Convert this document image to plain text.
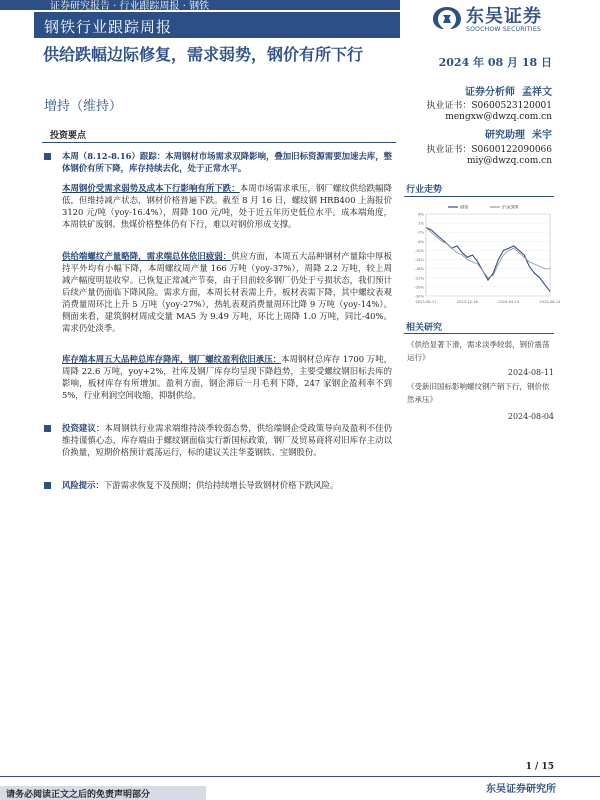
证券研究报告 · 行业跟踪周报 · 钢铁
钢铁行业跟踪周报	东吴证券
SOOCHOW SECURITIES
供给跌幅边际修复，需求弱势，钢价有所下行	2024 年 08 月 18 日
增持（维持）
证券分析师 孟祥文
执业证书：S0600523120001
mengxw@dwzq.com.cn
研究助理 米宇
执业证书：S0600122090066
miy@dwzq.com.cn
投资要点
本周（8.12-8.16）跟踪：本周钢材市场需求双降影响，叠加旧标资源需要加速去库，整体钢价有所下降，库存持续去化，处于正常水平。
本周钢价受需求弱势及成本下行影响有所下跌：本周市场需求承压，钢厂螺纹供给跌幅降低，但维持减产状态，钢材价格普遍下跌。截至 8 月 16 日，螺纹钢 HRB400 上海报价 3120 元/吨（yoy-16.4%），周降 100 元/吨，处于近五年历史低位水平。成本端角度，本周铁矿废钢、焦煤价格整体仍有下行，难以对钢价形成支撑。
供给端螺纹产量略降，需求端总体依旧疲弱：供应方面，本周五大品种钢材产量除中厚板持平外均有小幅下降，本周螺纹周产量 166 万吨（yoy-37%），周降 2.2 万吨，较上周减产幅度明显收窄。已恢复正常减产节奏，由于目前较多钢厂仍处于亏损状态，我们预计后续产量仍面临下降风险。需求方面，本周长材表需上升，板材表需下降，其中螺纹表观消费量周环比上升 5 万吨（yoy-27%），热轧表观消费量周环比降 9 万吨（yoy-14%）。侧面来看，建筑钢材周成交量 MA5 为 9.49 万吨，环比上周降 1.0 万吨，同比-40%。需求仍处淡季。
库存端本周五大品种总库存降库，钢厂螺纹盈利依旧承压：本周钢材总库存 1700 万吨，周降 22.6 万吨，yoy+2%，社库及钢厂库存均呈现下降趋势，主要受螺纹钢旧标去库的影响，板材库存有所增加。盈利方面，钢企滞后一月毛利下降，247 家钢企盈利率不到 5%，行业利润空间收缩，抑制供给。
投资建议：本周钢铁行业需求端维持淡季较弱态势，供给端钢企受政策导向及盈利不佳仍维持谨慎心态，库存端由于螺纹钢面临实行新国标政策，钢厂及贸易商将对旧库存主动以价换量，短期价格预计震荡运行，标的建议关注华菱钢铁、宝钢股份。
风险提示：下游需求恢复不及预期；供给持续增长导致钢材价格下跌风险。
行业走势
-30%
-26%
-22%
-18%
-14%
-10%
-6%
-2%
2%
6%
2023-08-17	2023-12-16	2024-04-15	2024-08-14
钢铁	沪深300
相关研究
《供给显著下滑，需求淡季较弱，钢价震荡运行》
2024-08-11
《受新旧国标影响螺纹钢产销下行，钢价依然承压》
2024-08-04
1 / 15
请务必阅读正文之后的免责声明部分	东吴证券研究所
